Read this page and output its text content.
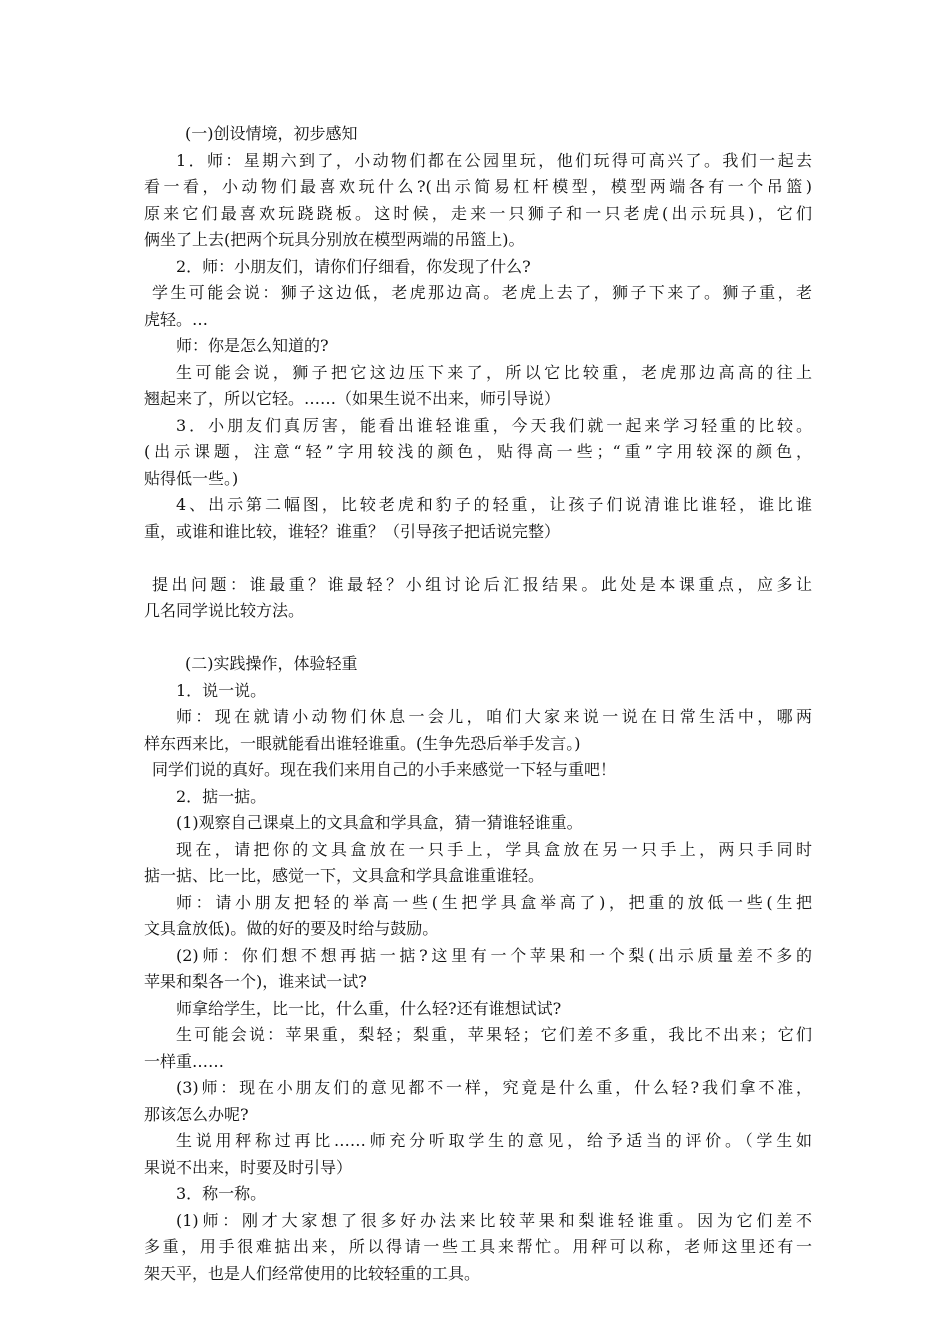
(一)创设情境，初步感知
1．师：星期六到了，小动物们都在公园里玩，他们玩得可高兴了。我们一起去
看一看，小动物们最喜欢玩什么?(出示简易杠杆模型，模型两端各有一个吊篮)
原来它们最喜欢玩跷跷板。这时候，走来一只狮子和一只老虎(出示玩具)，它们
俩坐了上去(把两个玩具分别放在模型两端的吊篮上)。
2．师：小朋友们，请你们仔细看，你发现了什么?
学生可能会说：狮子这边低，老虎那边高。老虎上去了，狮子下来了。狮子重，老
虎轻。…
师：你是怎么知道的?
生可能会说，狮子把它这边压下来了，所以它比较重，老虎那边高高的往上
翘起来了，所以它轻。……（如果生说不出来，师引导说）
3．小朋友们真厉害，能看出谁轻谁重，今天我们就一起来学习轻重的比较。
(出示课题，注意“轻”字用较浅的颜色，贴得高一些；“重”字用较深的颜色，
贴得低一些。)
4、出示第二幅图，比较老虎和豹子的轻重，让孩子们说清谁比谁轻，谁比谁
重，或谁和谁比较，谁轻？谁重？（引导孩子把话说完整）
提出问题：谁最重？谁最轻？小组讨论后汇报结果。此处是本课重点，应多让
几名同学说比较方法。
(二)实践操作，体验轻重
1．说一说。
师：现在就请小动物们休息一会儿，咱们大家来说一说在日常生活中，哪两
样东西来比，一眼就能看出谁轻谁重。(生争先恐后举手发言。)
同学们说的真好。现在我们来用自己的小手来感觉一下轻与重吧！
2．掂一掂。
(1)观察自己课桌上的文具盒和学具盒，猜一猜谁轻谁重。
现在，请把你的文具盒放在一只手上，学具盒放在另一只手上，两只手同时
掂一掂、比一比，感觉一下，文具盒和学具盒谁重谁轻。
师：请小朋友把轻的举高一些(生把学具盒举高了)，把重的放低一些(生把
文具盒放低)。做的好的要及时给与鼓励。
(2)师：你们想不想再掂一掂?这里有一个苹果和一个梨(出示质量差不多的
苹果和梨各一个)，谁来试一试?
师拿给学生，比一比，什么重，什么轻?还有谁想试试?
生可能会说：苹果重，梨轻；梨重，苹果轻；它们差不多重，我比不出来；它们
一样重……
(3)师：现在小朋友们的意见都不一样，究竟是什么重，什么轻?我们拿不准，
那该怎么办呢?
生说用秤称过再比……师充分听取学生的意见，给予适当的评价。（学生如
果说不出来，时要及时引导）
3．称一称。
(1)师：刚才大家想了很多好办法来比较苹果和梨谁轻谁重。因为它们差不
多重，用手很难掂出来，所以得请一些工具来帮忙。用秤可以称，老师这里还有一
架天平，也是人们经常使用的比较轻重的工具。
